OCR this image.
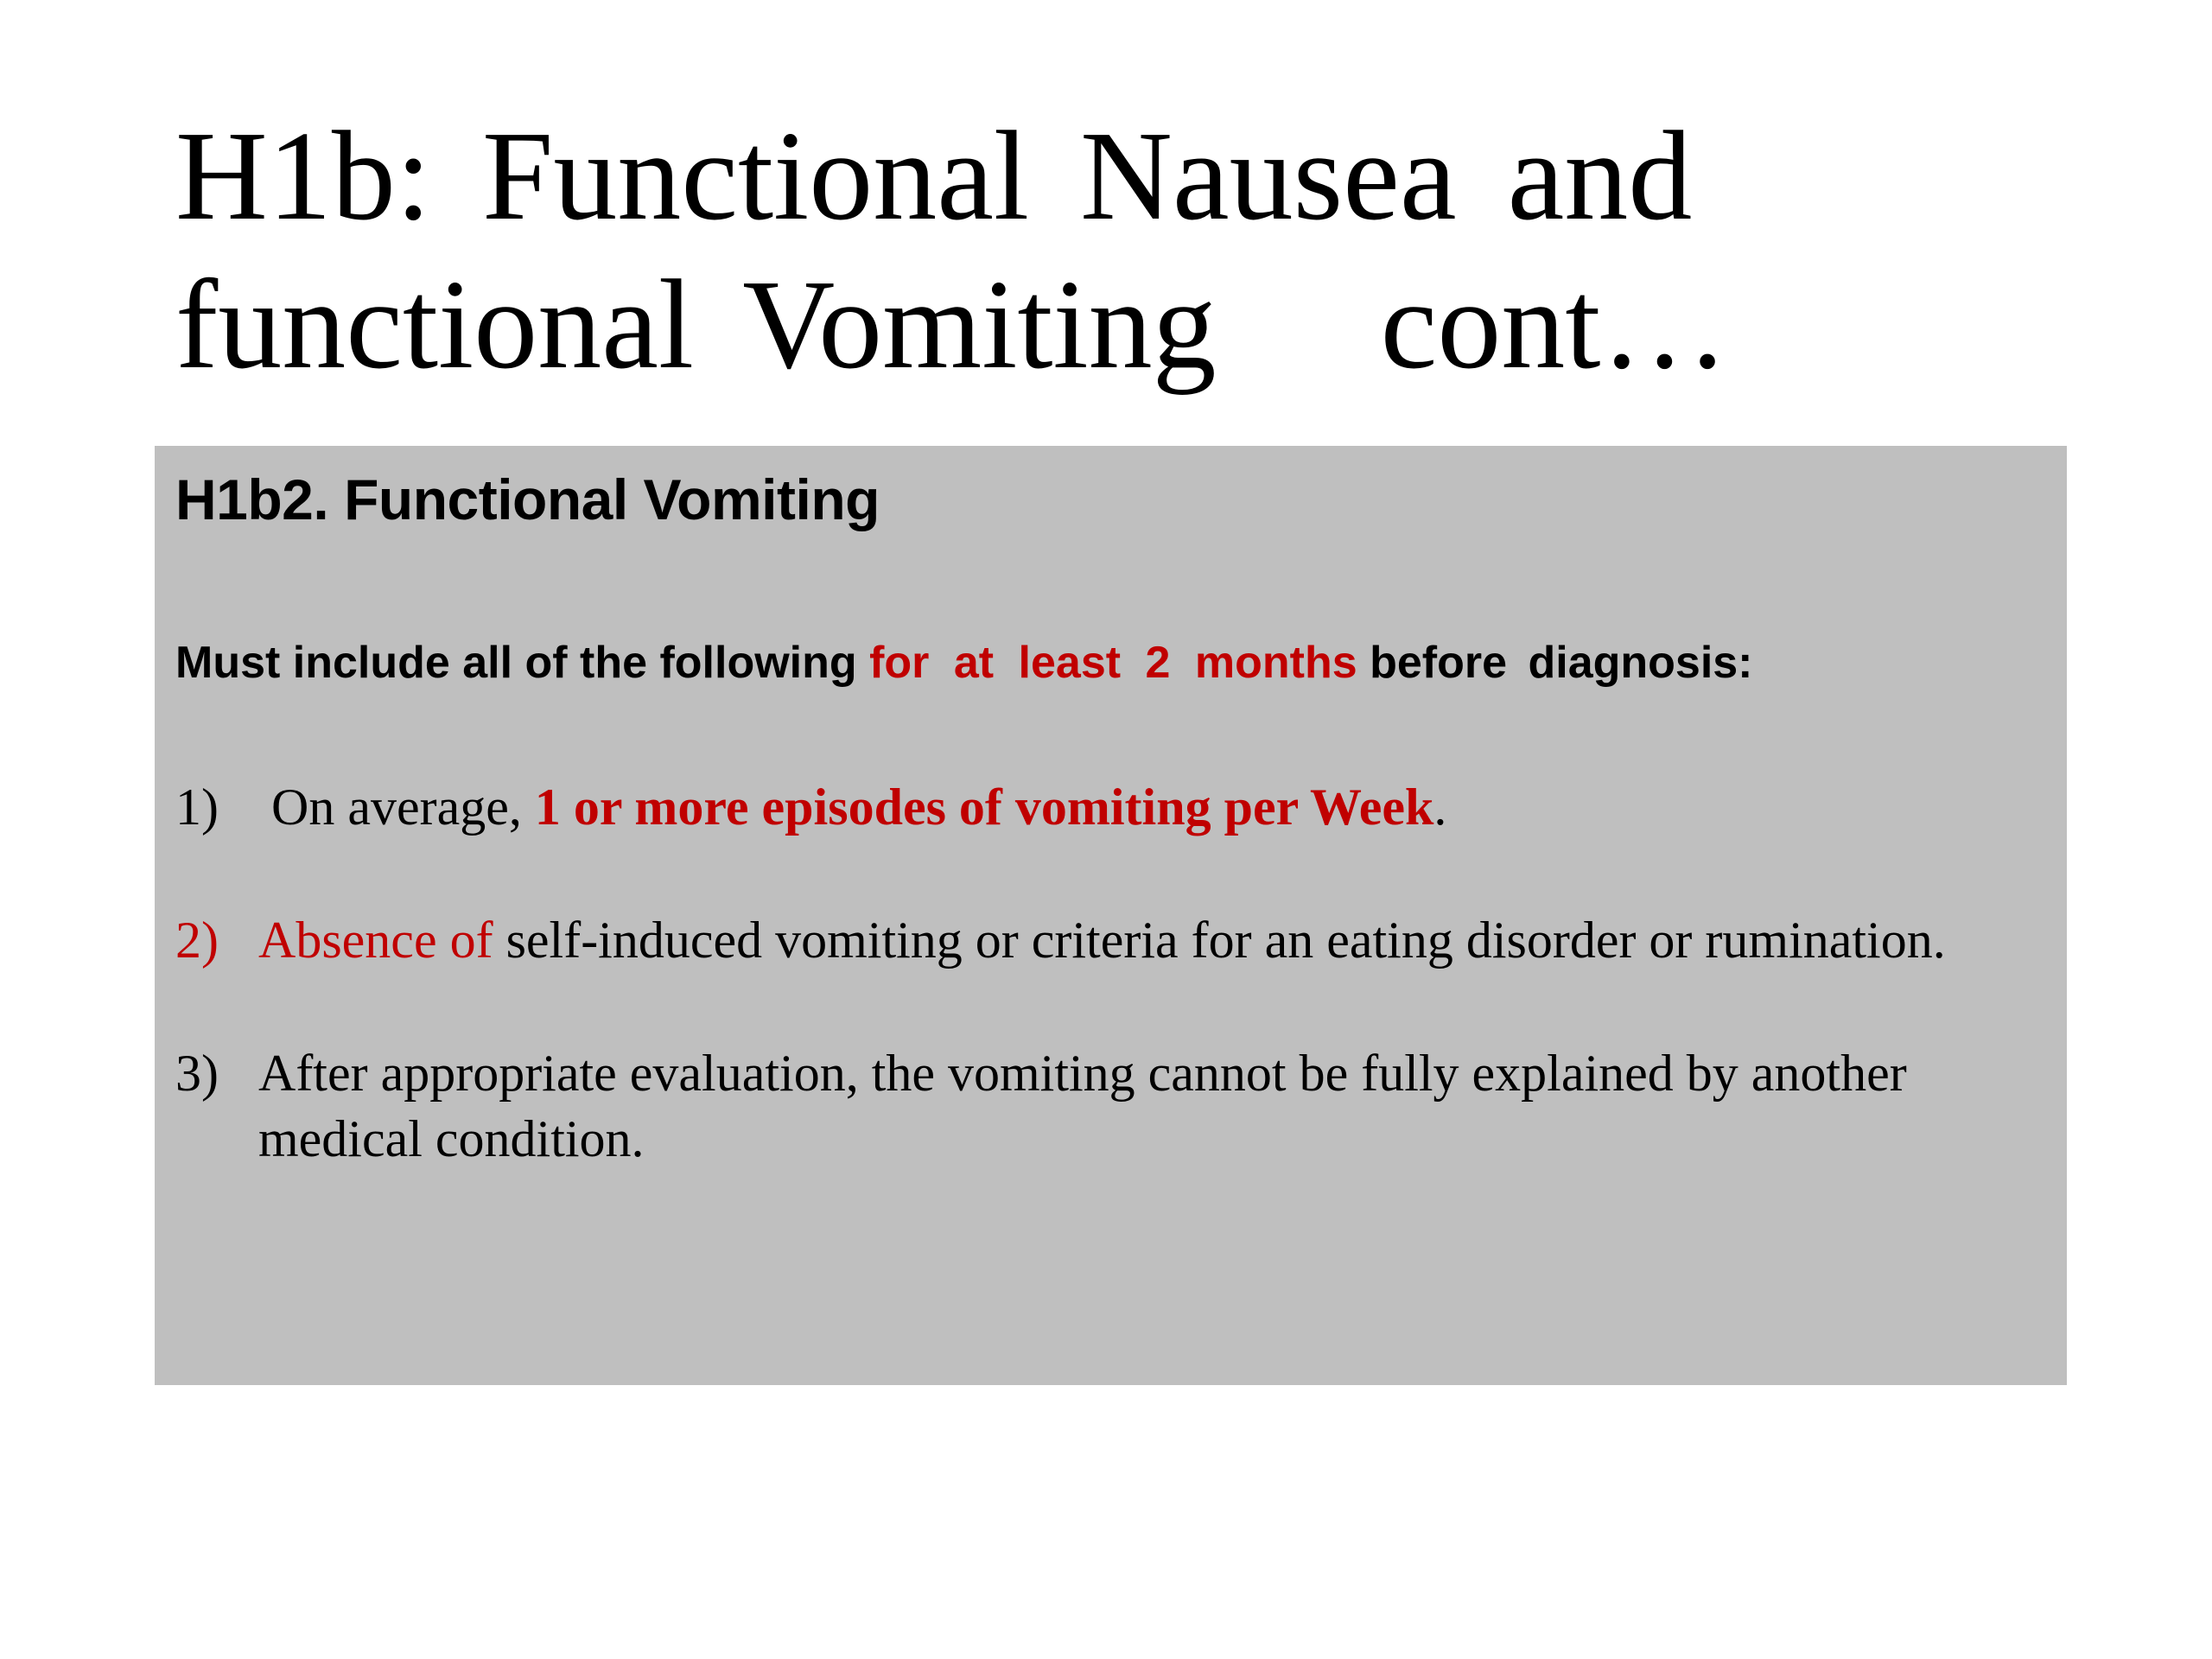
H1b: Functional Nausea and
functional Vomiting cont…
H1b2. Functional Vomiting

Must include all of the following for at least 2 months before diagnosis:

1) On average, 1 or more episodes of vomiting per Week.
2) Absence of self-induced vomiting or criteria for an eating disorder or rumination.
3) After appropriate evaluation, the vomiting cannot be fully explained by another medical condition.
